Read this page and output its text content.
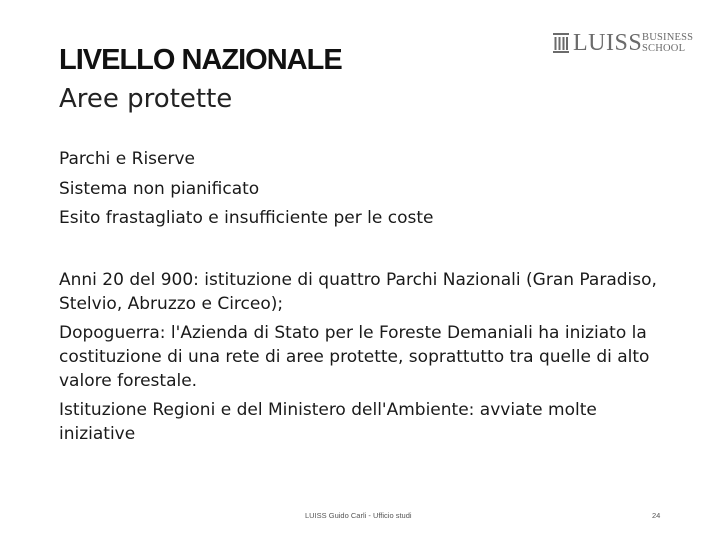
LIVELLO NAZIONALE
Aree protette
LUISS BUSINESS
SCHOOL
Parchi e Riserve
Sistema non pianificato
Esito frastagliato e insufficiente per le coste
Anni 20 del 900: istituzione di quattro Parchi Nazionali (Gran Paradiso, Stelvio, Abruzzo e Circeo);
Dopoguerra: l'Azienda di Stato per le Foreste Demaniali ha iniziato la costituzione di una rete di aree protette, soprattutto tra quelle di alto valore forestale.
Istituzione Regioni e del Ministero dell'Ambiente: avviate molte iniziative
LUISS Guido Carli - Ufficio studi	24
